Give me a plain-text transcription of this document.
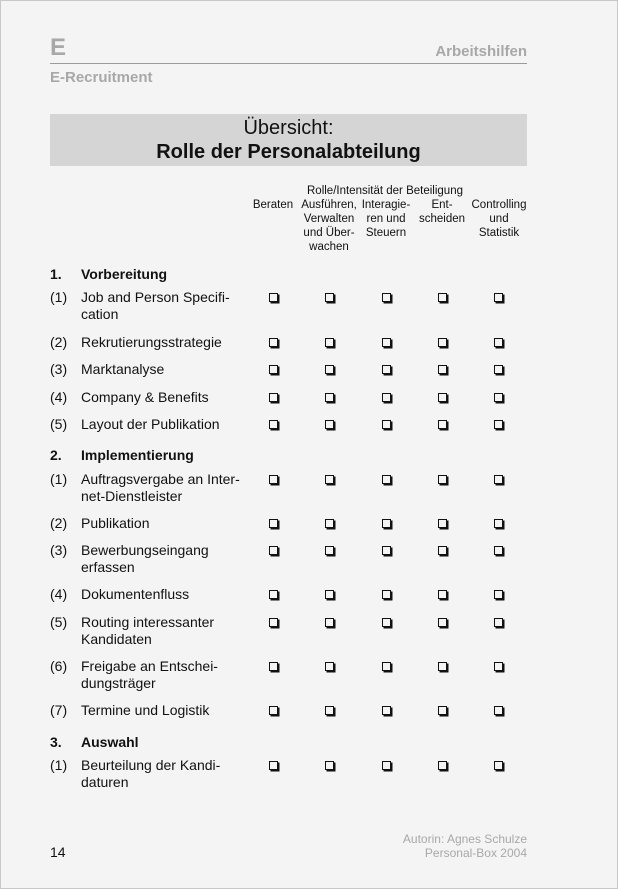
E	Arbeitshilfen
E-Recruitment
Übersicht:
Rolle der Personalabteilung
Rolle/Intensität der Beteiligung
Beraten Ausführen, Verwalten und Über-wachen
Interagie-ren und Steuern
Ent-scheiden
Controlling und Statistik
1. Vorbereitung
(1) Job and Person Specifi-cation
(2) Rekrutierungsstrategie
(3) Marktanalyse
(4) Company & Benefits
(5) Layout der Publikation
2. Implementierung
(1) Auftragsvergabe an Inter-net-Dienstleister
(2) Publikation
(3) Bewerbungseingang erfassen
(4) Dokumentenfluss
(5) Routing interessanter Kandidaten
(6) Freigabe an Entschei-dungsträger
(7) Termine und Logistik
3. Auswahl
(1) Beurteilung der Kandi-daturen

14
Autorin: Agnes Schulze
Personal-Box 2004
